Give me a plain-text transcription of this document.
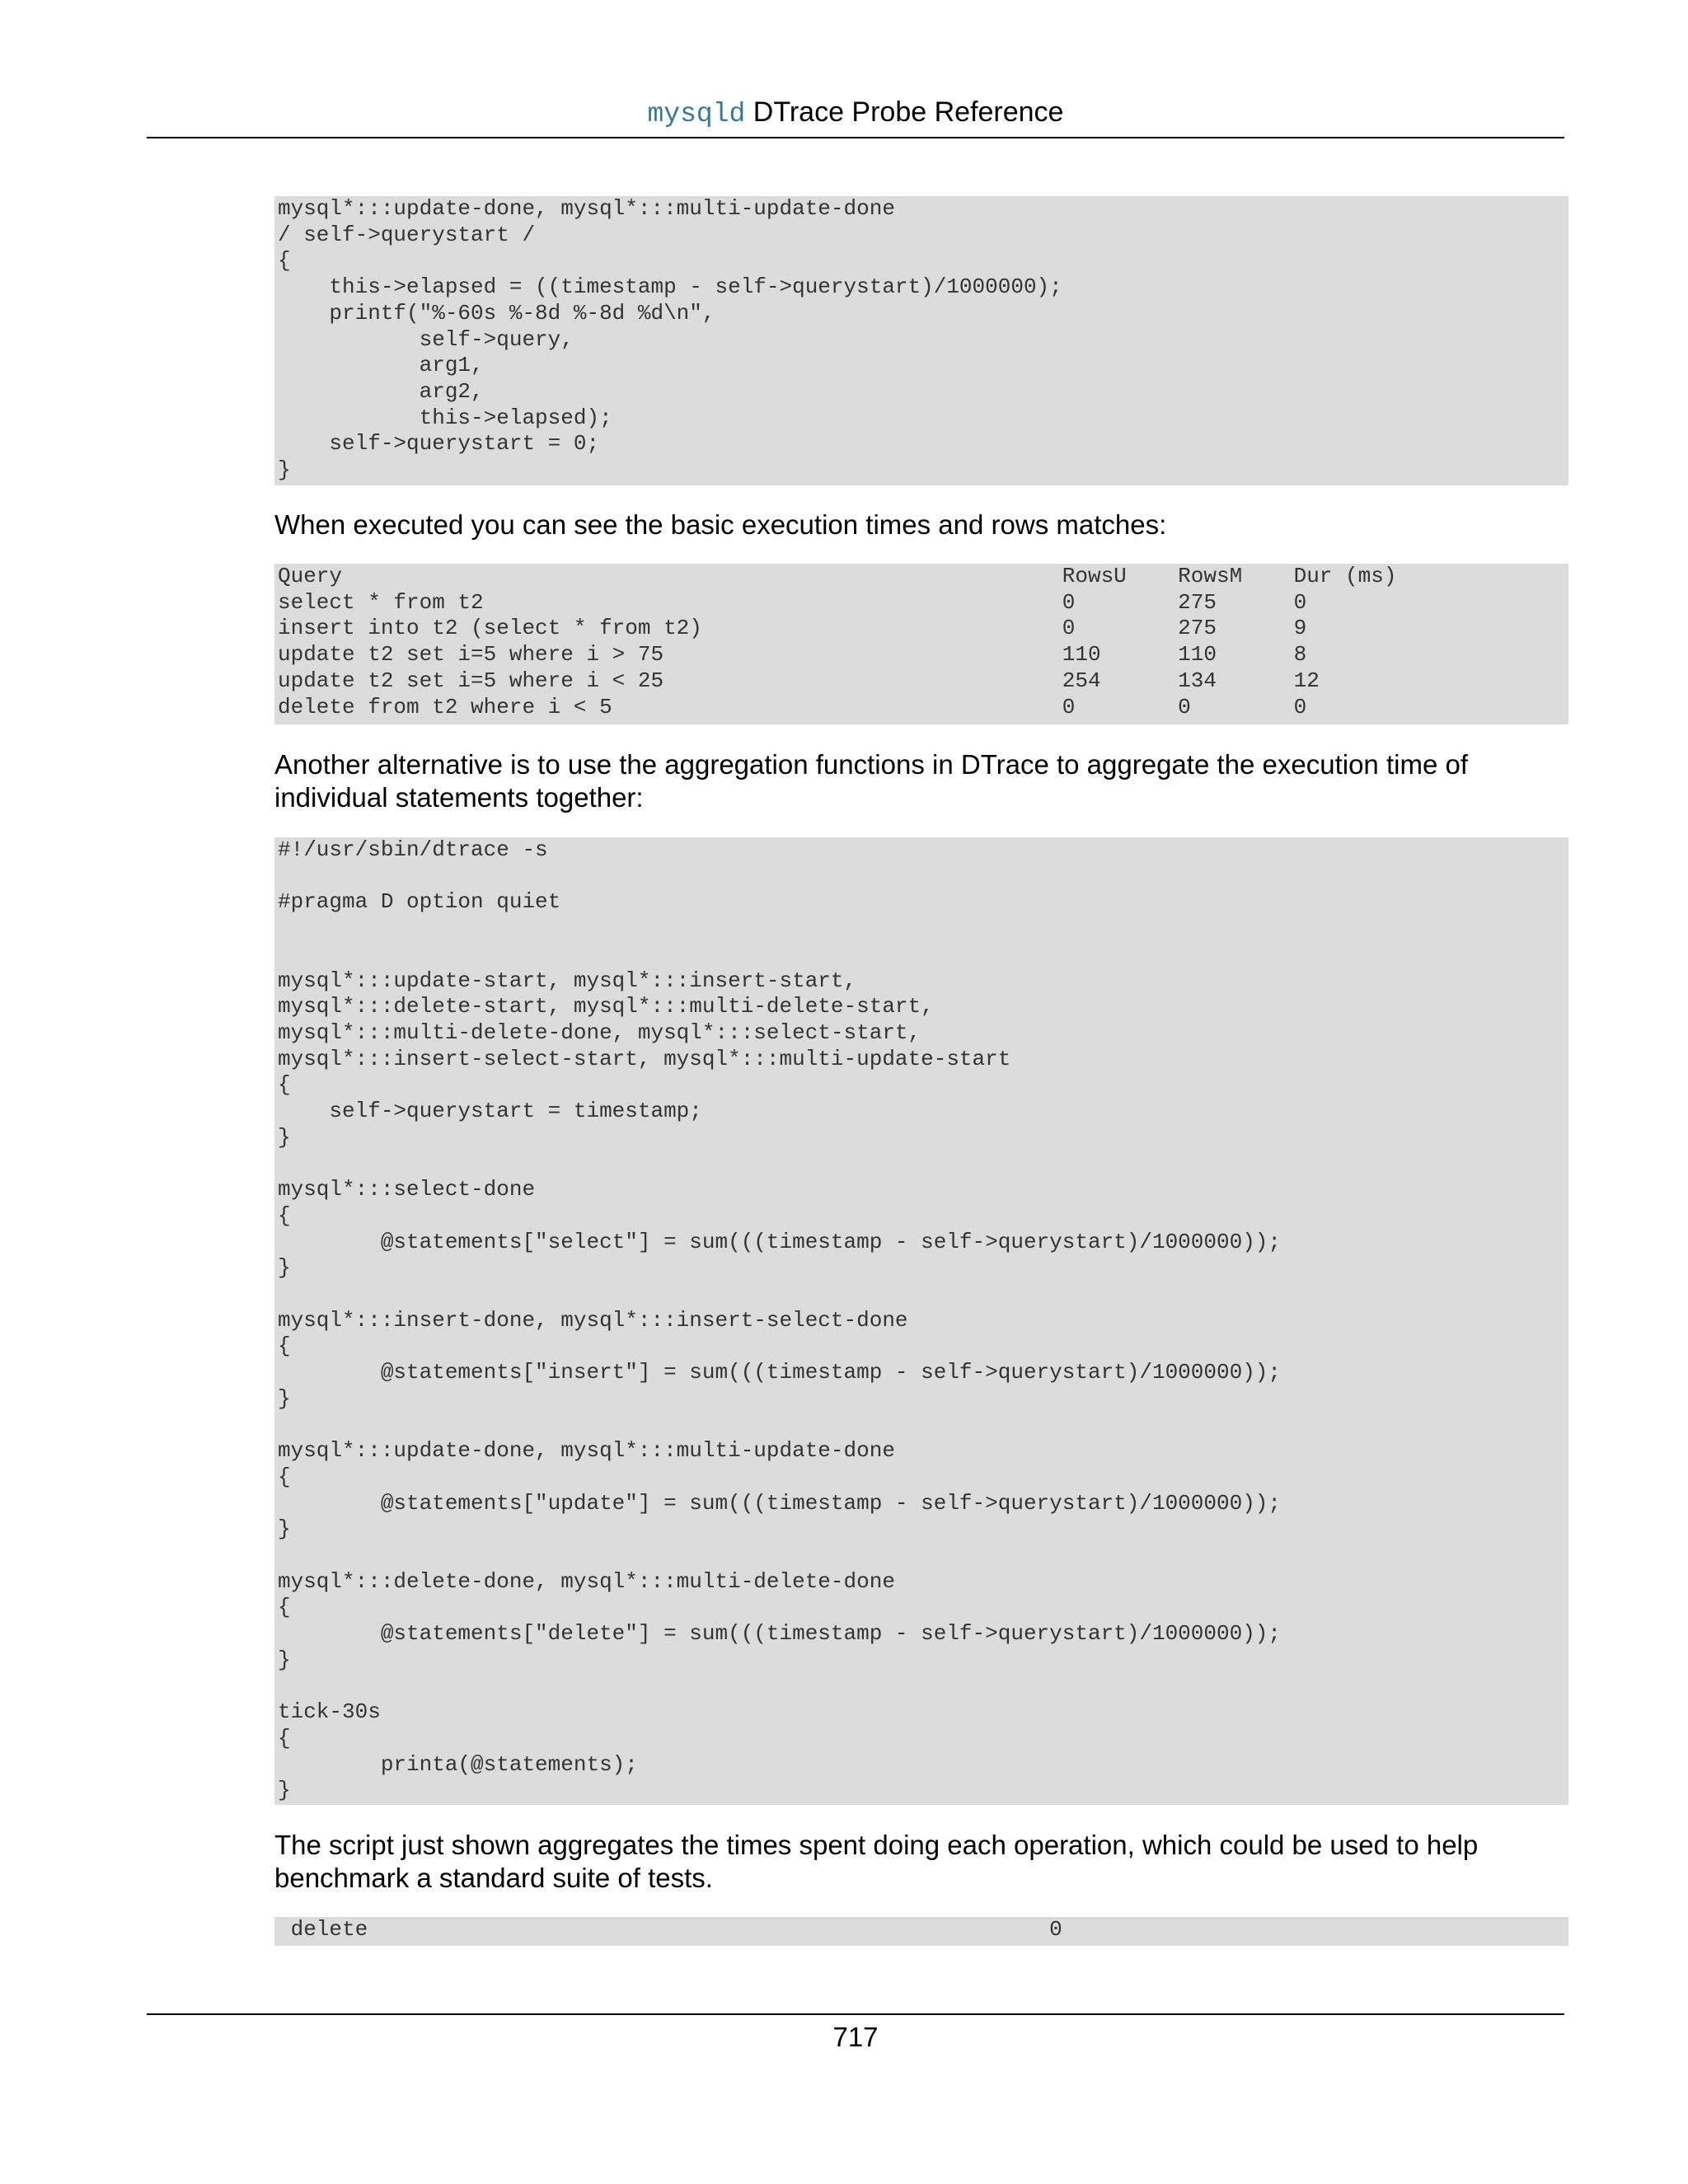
mysqld DTrace Probe Reference
mysql*:::update-done, mysql*:::multi-update-done
/ self->querystart /
{
this->elapsed = ((timestamp - self->querystart)/1000000);
printf("%-60s %-8d %-8d %d\n",
self->query,
arg1,
arg2,
this->elapsed);
self->querystart = 0;
}

When executed you can see the basic execution times and rows matches:

Query                                                        RowsU    RowsM    Dur (ms)
select * from t2                                             0        275      0
insert into t2 (select * from t2)                            0        275      9
update t2 set i=5 where i > 75                               110      110      8
update t2 set i=5 where i < 25                               254      134      12
delete from t2 where i < 5                                   0        0        0

Another alternative is to use the aggregation functions in DTrace to aggregate the execution time of individual statements together:

#!/usr/sbin/dtrace -s

#pragma D option quiet

mysql*:::update-start, mysql*:::insert-start,
mysql*:::delete-start, mysql*:::multi-delete-start,
mysql*:::multi-delete-done, mysql*:::select-start,
mysql*:::insert-select-start, mysql*:::multi-update-start
{
self->querystart = timestamp;
}

mysql*:::select-done
{
@statements["select"] = sum(((timestamp - self->querystart)/1000000));
}

mysql*:::insert-done, mysql*:::insert-select-done
{
@statements["insert"] = sum(((timestamp - self->querystart)/1000000));
}

mysql*:::update-done, mysql*:::multi-update-done
{
@statements["update"] = sum(((timestamp - self->querystart)/1000000));
}

mysql*:::delete-done, mysql*:::multi-delete-done
{
@statements["delete"] = sum(((timestamp - self->querystart)/1000000));
}

tick-30s
{
printa(@statements);
}

The script just shown aggregates the times spent doing each operation, which could be used to help benchmark a standard suite of tests.

delete                                                     0
717
